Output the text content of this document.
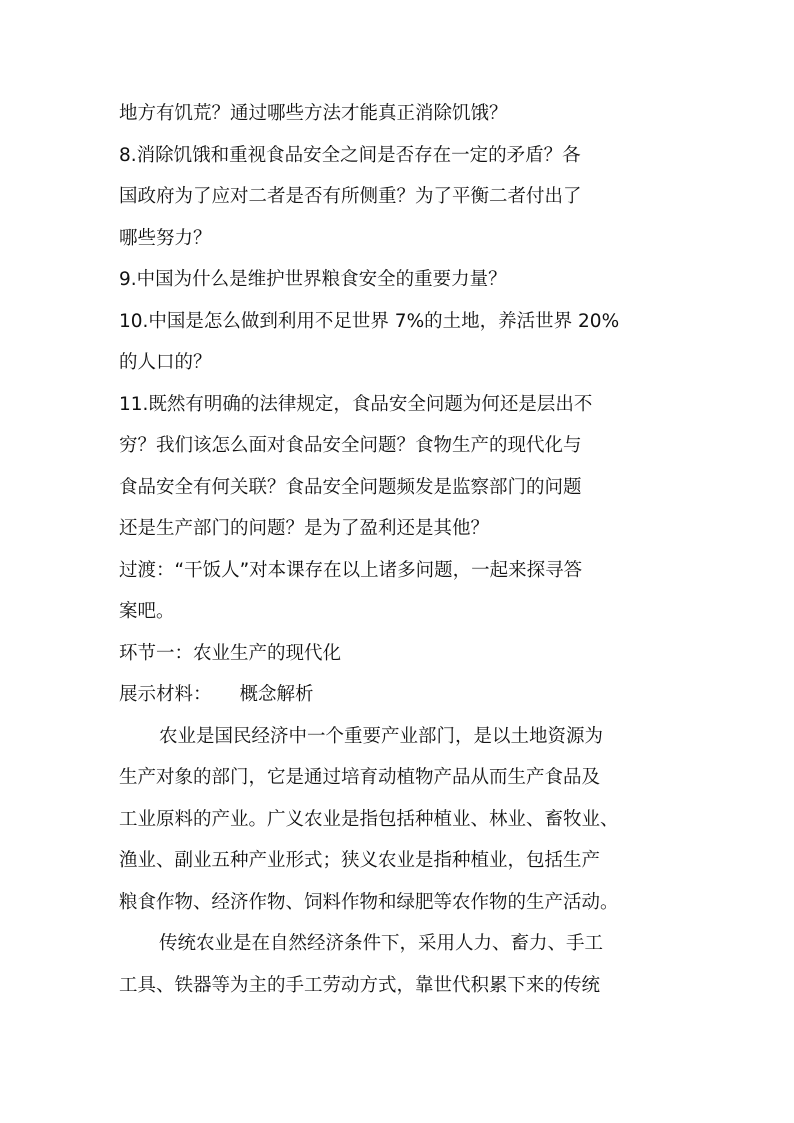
地方有饥荒？通过哪些方法才能真正消除饥饿？
8.消除饥饿和重视食品安全之间是否存在一定的矛盾？各
国政府为了应对二者是否有所侧重？为了平衡二者付出了
哪些努力？
9.中国为什么是维护世界粮食安全的重要力量？
10.中国是怎么做到利用不足世界 7%的土地，养活世界 20%
的人口的？
11.既然有明确的法律规定，食品安全问题为何还是层出不
穷？我们该怎么面对食品安全问题？食物生产的现代化与
食品安全有何关联？食品安全问题频发是监察部门的问题
还是生产部门的问题？是为了盈利还是其他？
过渡：“干饭人”对本课存在以上诸多问题，一起来探寻答
案吧。
环节一：农业生产的现代化
展示材料： 概念解析
农业是国民经济中一个重要产业部门，是以土地资源为
生产对象的部门，它是通过培育动植物产品从而生产食品及
工业原料的产业。广义农业是指包括种植业、林业、畜牧业、
渔业、副业五种产业形式；狭义农业是指种植业，包括生产
粮食作物、经济作物、饲料作物和绿肥等农作物的生产活动。
传统农业是在自然经济条件下，采用人力、畜力、手工
工具、铁器等为主的手工劳动方式，靠世代积累下来的传统
